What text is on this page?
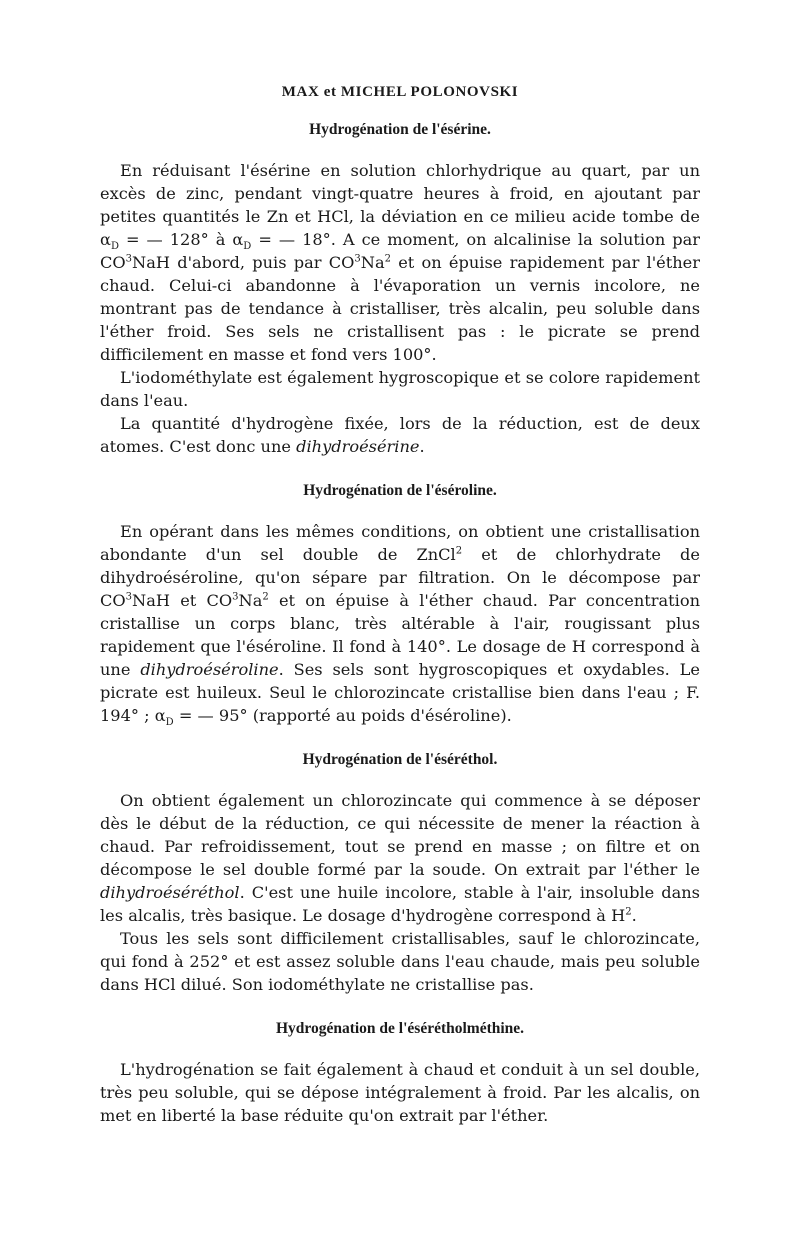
MAX et MICHEL POLONOVSKI
Hydrogénation de l'ésérine.

En réduisant l'ésérine en solution chlorhydrique au quart, par un excès de zinc, pendant vingt-quatre heures à froid, en ajoutant par petites quantités le Zn et HCl, la déviation en ce milieu acide tombe de $\alpha_D$ = — 128° à $\alpha_D$ = — 18°. A ce moment, on alcalinise la solution par $CO^3NaH$ d'abord, puis par $CO^3Na^2$ et on épuise rapidement par l'éther chaud. Celui-ci abandonne à l'évaporation un vernis incolore, ne montrant pas de tendance à cristalliser, très alcalin, peu soluble dans l'éther froid. Ses sels ne cristallisent pas : le picrate se prend difficilement en masse et fond vers 100°.

L'iodométhylate est également hygroscopique et se colore rapidement dans l'eau.

La quantité d'hydrogène fixée, lors de la réduction, est de deux atomes. C'est donc une dihydroésérine.

Hydrogénation de l'éséroline.

En opérant dans les mêmes conditions, on obtient une cristallisation abondante d'un sel double de ZnCl$^2$ et de chlorhydrate de dihydroéséroline, qu'on sépare par filtration. On le décompose par $CO^3NaH$ et $CO^3Na^2$ et on épuise à l'éther chaud. Par concentration cristallise un corps blanc, très altérable à l'air, rougissant plus rapidement que l'éséroline. Il fond à 140°. Le dosage de H correspond à une dihydroéséroline. Ses sels sont hygroscopiques et oxydables. Le picrate est huileux. Seul le chlorozincate cristallise bien dans l'eau ; F. 194° ; $\alpha_D$ = — 95° (rapporté au poids d'éséroline).

Hydrogénation de l'éséréthol.

On obtient également un chlorozincate qui commence à se déposer dès le début de la réduction, ce qui nécessite de mener la réaction à chaud. Par refroidissement, tout se prend en masse ; on filtre et on décompose le sel double formé par la soude. On extrait par l'éther le dihydroéséréthol. C'est une huile incolore, stable à l'air, insoluble dans les alcalis, très basique. Le dosage d'hydrogène correspond à $H^2$.

Tous les sels sont difficilement cristallisables, sauf le chlorozincate, qui fond à 252° et est assez soluble dans l'eau chaude, mais peu soluble dans HCl dilué. Son iodométhylate ne cristallise pas.

Hydrogénation de l'ésérétholméthine.

L'hydrogénation se fait également à chaud et conduit à un sel double, très peu soluble, qui se dépose intégralement à froid. Par les alcalis, on met en liberté la base réduite qu'on extrait par l'éther.
